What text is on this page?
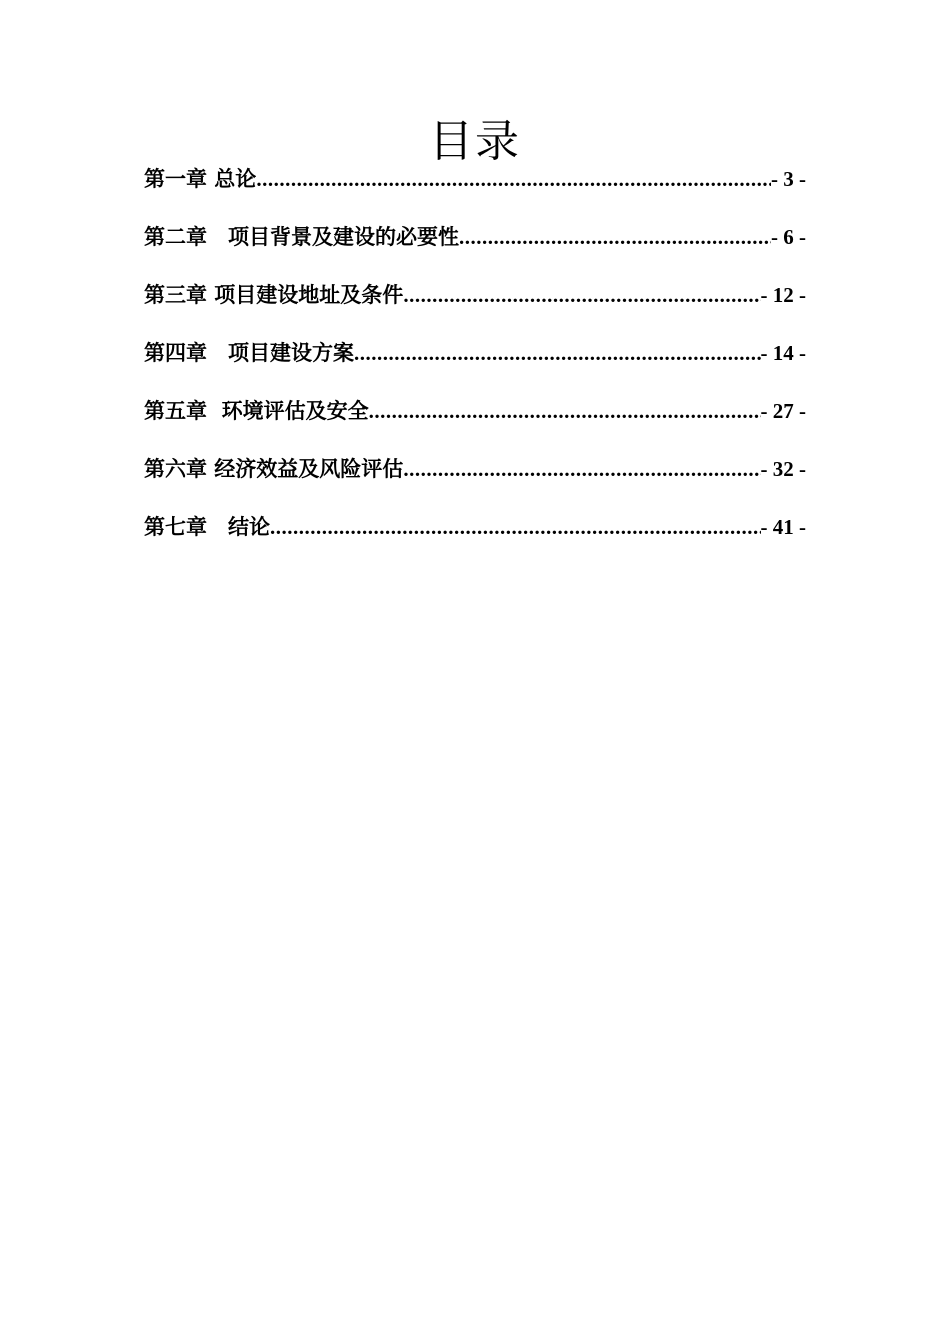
目录
第一章 总论 .....	- 3 -
第二章　项目背景及建设的必要性 .....	- 6 -
第三章 项目建设地址及条件 .....	- 12 -
第四章　项目建设方案 .....	- 14 -
第五章  环境评估及安全 .....	- 27 -
第六章 经济效益及风险评估 .....	- 32 -
第七章　结论 .....	- 41 -
